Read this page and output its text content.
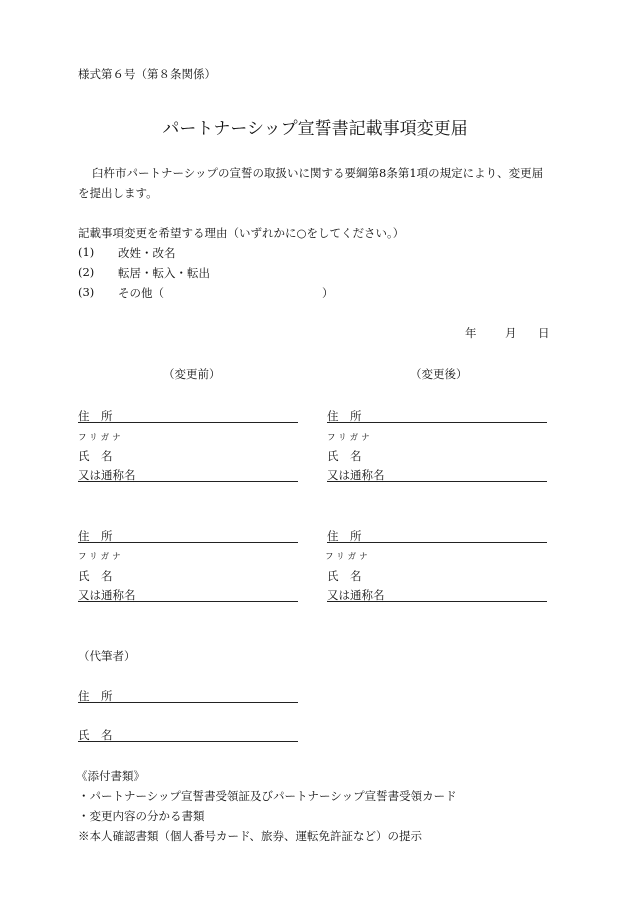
様式第６号（第８条関係）
パートナーシップ宣誓書記載事項変更届
臼杵市パートナーシップの宣誓の取扱いに関する要綱第8条第1項の規定により、変更届
を提出します。
記載事項変更を希望する理由（いずれかに○をしてください。）
(1) 改姓・改名
(2) 転居・転入・転出
(3) その他（	）
年 月 日
（変更前）	（変更後）
住　所
フリガナ
氏　名
又は通称名
住　所
フリガナ
氏　名
又は通称名
住　所
フリガナ
氏　名
又は通称名
住　所
フリガナ
氏　名
又は通称名
（代筆者）
住　所
氏　名
《添付書類》
・パートナーシップ宣誓書受領証及びパートナーシップ宣誓書受領カード
・変更内容の分かる書類
※本人確認書類（個人番号カード、旅券、運転免許証など）の提示
